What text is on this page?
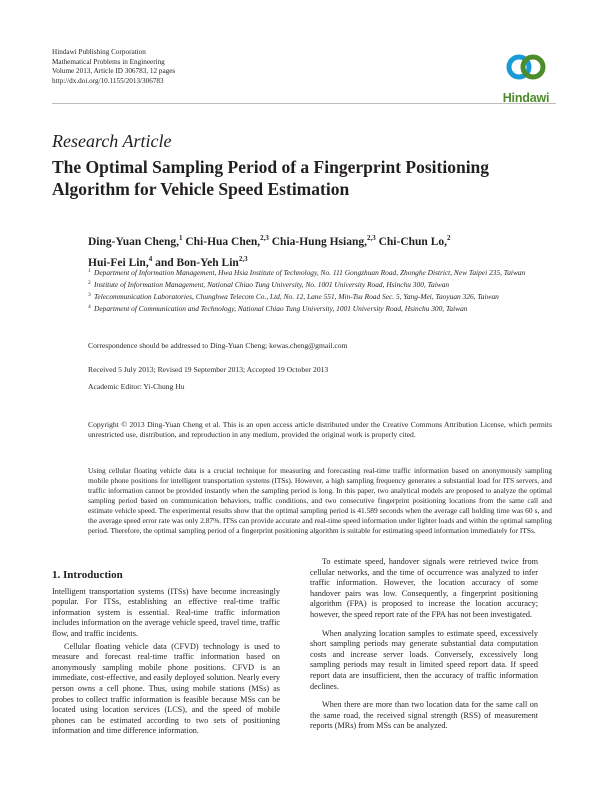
Hindawi Publishing Corporation
Mathematical Problems in Engineering
Volume 2013, Article ID 306783, 12 pages
http://dx.doi.org/10.1155/2013/306783
Hindawi
Research Article
The Optimal Sampling Period of a Fingerprint Positioning Algorithm for Vehicle Speed Estimation
Ding-Yuan Cheng,$^1$ Chi-Hua Chen,$^{2,3}$ Chia-Hung Hsiang,$^{2,3}$ Chi-Chun Lo,$^2$
Hui-Fei Lin,$^4$ and Bon-Yeh Lin$^{2,3}$
1 Department of Information Management, Hwa Hsia Institute of Technology, No. 111 Gongzhuan Road, Zhonghe District, New Taipei 235, Taiwan
2 Institute of Information Management, National Chiao Tung University, No. 1001 University Road, Hsinchu 300, Taiwan
3 Telecommunication Laboratories, Chunghwa Telecom Co., Ltd, No. 12, Lane 551, Min-Tsu Road Sec. 5, Yang-Mei, Taoyuan 326, Taiwan
4 Department of Communication and Technology, National Chiao Tung University, 1001 University Road, Hsinchu 300, Taiwan
Correspondence should be addressed to Ding-Yuan Cheng; kewas.cheng@gmail.com
Received 5 July 2013; Revised 19 September 2013; Accepted 19 October 2013
Academic Editor: Yi-Chung Hu
Copyright © 2013 Ding-Yuan Cheng et al. This is an open access article distributed under the Creative Commons Attribution License, which permits unrestricted use, distribution, and reproduction in any medium, provided the original work is properly cited.
Using cellular floating vehicle data is a crucial technique for measuring and forecasting real-time traffic information based on anonymously sampling mobile phone positions for intelligent transportation systems (ITSs). However, a high sampling frequency generates a substantial load for ITS servers, and traffic information cannot be provided instantly when the sampling period is long. In this paper, two analytical models are proposed to analyze the optimal sampling period based on communication behaviors, traffic conditions, and two consecutive fingerprint positioning locations from the same call and estimate vehicle speed. The experimental results show that the optimal sampling period is 41.589 seconds when the average call holding time was 60 s, and the average speed error rate was only 2.87%. ITSs can provide accurate and real-time speed information under lighter loads and within the optimal sampling period. Therefore, the optimal sampling period of a fingerprint positioning algorithm is suitable for estimating speed information immediately for ITSs.
1. Introduction

Intelligent transportation systems (ITSs) have become increasingly popular. For ITSs, establishing an effective real-time traffic information system is essential. Real-time traffic information includes information on the average vehicle speed, travel time, traffic flow, and traffic incidents.

Cellular floating vehicle data (CFVD) technology is used to measure and forecast real-time traffic information based on anonymously sampling mobile phone positions. CFVD is an immediate, cost-effective, and easily deployed solution. Nearly every person owns a cell phone. Thus, using mobile stations (MSs) as probes to collect traffic information is feasible because MSs can be located using location services (LCS), and the speed of mobile phones can be estimated according to two sets of positioning information and time difference information.

To estimate speed, handover signals were retrieved twice from cellular networks, and the time of occurrence was analyzed to infer traffic information. However, the location accuracy of some handover pairs was low. Consequently, a fingerprint positioning algorithm (FPA) is proposed to increase the location accuracy; however, the speed report rate of the FPA has not been investigated.

When analyzing location samples to estimate speed, excessively short sampling periods may generate substantial data computation costs and increase server loads. Conversely, excessively long sampling periods may result in limited speed report data. If speed report data are insufficient, then the accuracy of traffic information declines.

When there are more than two location data for the same call on the same road, the received signal strength (RSS) of measurement reports (MRs) from MSs can be analyzed.
